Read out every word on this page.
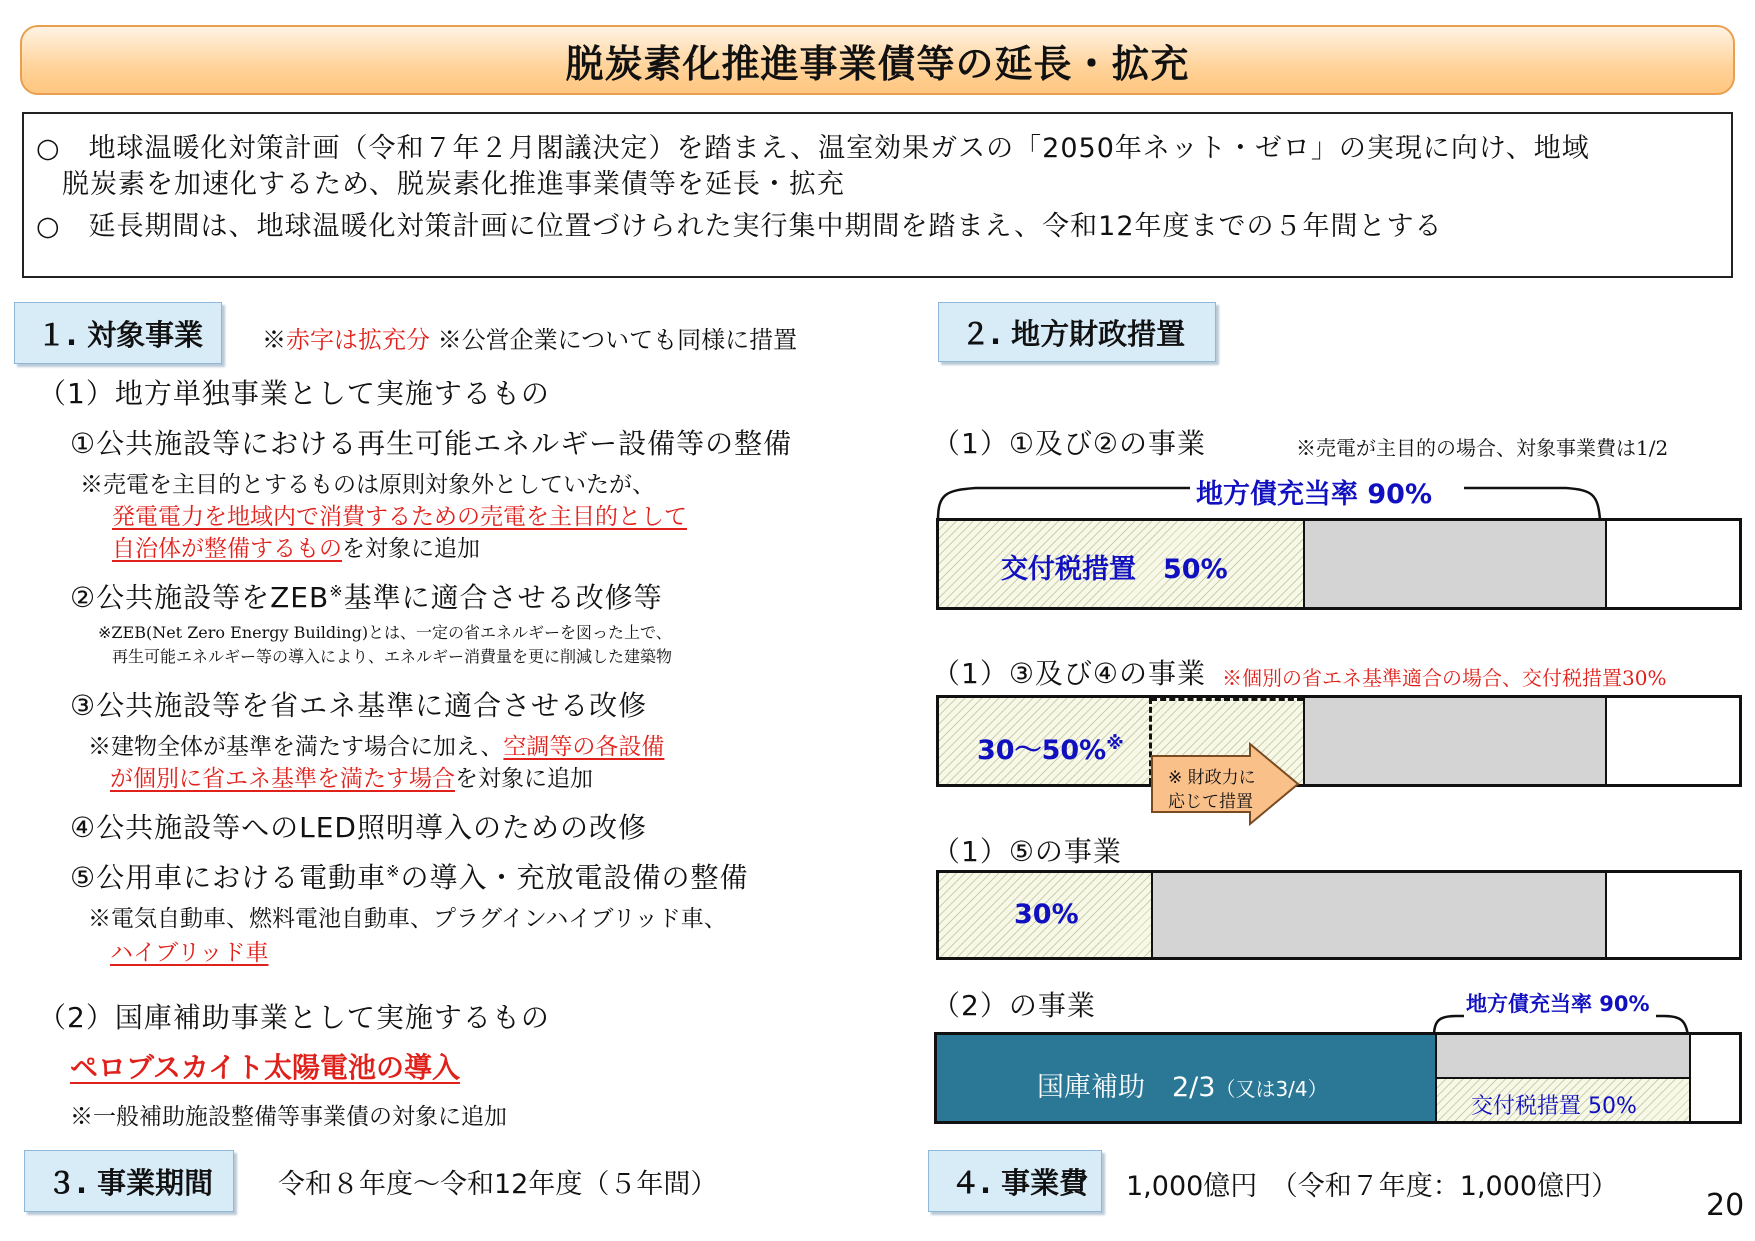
脱炭素化推進事業債等の延長・拡充
○　地球温暖化対策計画（令和７年２月閣議決定）を踏まえ、温室効果ガスの「2050年ネット・ゼロ」の実現に向け、地域
脱炭素を加速化するため、脱炭素化推進事業債等を延長・拡充
○　延長期間は、地球温暖化対策計画に位置づけられた実行集中期間を踏まえ、令和12年度までの５年間とする
１. 対象事業	※赤字は拡充分 ※公営企業についても同様に措置
（1）地方単独事業として実施するもの
①公共施設等における再生可能エネルギー設備等の整備
※売電を主目的とするものは原則対象外としていたが、
発電電力を地域内で消費するための売電を主目的として
自治体が整備するものを対象に追加
②公共施設等をZEB※基準に適合させる改修等
※ZEB(Net Zero Energy Building)とは、一定の省エネルギーを図った上で、
再生可能エネルギー等の導入により、エネルギー消費量を更に削減した建築物
③公共施設等を省エネ基準に適合させる改修
※建物全体が基準を満たす場合に加え、空調等の各設備
が個別に省エネ基準を満たす場合を対象に追加
④公共施設等へのLED照明導入のための改修
⑤公用車における電動車※の導入・充放電設備の整備
※電気自動車、燃料電池自動車、プラグインハイブリッド車、
ハイブリッド車
（2）国庫補助事業として実施するもの
ペロブスカイト太陽電池の導入
※一般補助施設整備等事業債の対象に追加
３. 事業期間	令和８年度～令和12年度（５年間）
２. 地方財政措置
（1）①及び②の事業	※売電が主目的の場合、対象事業費は1/2
地方債充当率 90%
交付税措置　50%
（1）③及び④の事業 ※個別の省エネ基準適合の場合、交付税措置30%
30～50%※
※ 財政力に
応じて措置
（1）⑤の事業
30%
（2）の事業	地方債充当率 90%
国庫補助　2/3（又は3/4）
交付税措置 50%
４. 事業費	1,000億円　（令和７年度：1,000億円）
20
